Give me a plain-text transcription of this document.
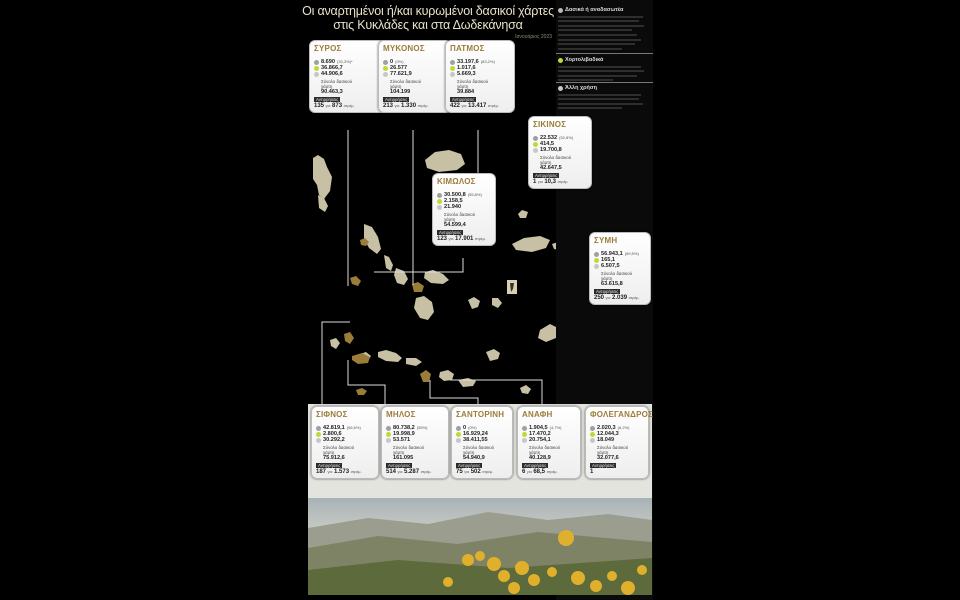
Οι αναρτημένοι ή/και κυρωμένοι δασικοί χάρτες
στις Κυκλάδες και στα Δωδεκάνησα
Ιανουάριος 2023
Δασικά ή αναδασωτέα
Χορτολιβαδικά
Άλλη χρήση
ΣΥΡΟΣ
8.690 (33,3%)*
36.866,7
44.906,6
Σύνολο δασικού
χάρτη
90.463,3
Αντιρρήσεις
135 για 873 στρέμ.
ΜΥΚΟΝΟΣ
0 (0%)
26.577
77.621,9
Σύνολο δασικού
χάρτη
104.199
Αντιρρήσεις
213 για 1.330 στρέμ.
ΠΑΤΜΟΣ
33.197,6 (83,2%)
1.017,6
5.669,3
Σύνολο δασικού
χάρτη
39.884
Αντιρρήσεις
422 για 13.417 στρέμ.
ΣΙΚΙΝΟΣ
22.532 (52,8%)
414,5
19.700,8
Σύνολο δασικού
χάρτη
42.647,5
Αντιρρήσεις
1 για 10,3 στρέμ.
ΚΙΜΩΛΟΣ
30.500,8 (55,8%)
2.158,5
21.940
Σύνολο δασικού
χάρτη
54.599,4
Αντιρρήσεις
123 για 17.901 στρέμ.	ΣΥΜΗ
56.943,1 (89,5%)
165,1
6.507,5
Σύνολο δασικού
χάρτη
63.615,8
Αντιρρήσεις
250 για 2.039 στρέμ.
ΣΙΦΝΟΣ
42.819,1 (56,6%)
2.800,6
30.292,2
Σύνολο δασικού
χάρτη
75.912,6
Αντιρρήσεις
187 για 1.573 στρέμ.
ΜΗΛΟΣ
80.738,2 (55%)
19.998,9
53.571
Σύνολο δασικού
χάρτη
161.095
Αντιρρήσεις
514 για 5.287 στρέμ.
ΣΑΝΤΟΡΙΝΗ
0 (0%)
16.929,24
38.411,55
Σύνολο δασικού
χάρτη
54.940,9
Αντιρρήσεις
75 για 502 στρέμ.
ΑΝΑΦΗ
1.904,5 (4,7%)
17.470,2
20.754,1
Σύνολο δασικού
χάρτη
40.128,9
Αντιρρήσεις
6 για 68,5 στρέμ.
ΦΟΛΕΓΑΝΔΡΟΣ
2.020,3 (6,2%)
12.044,3
18.049
Σύνολο δασικού
χάρτη
32.077,6
Αντιρρήσεις
1
